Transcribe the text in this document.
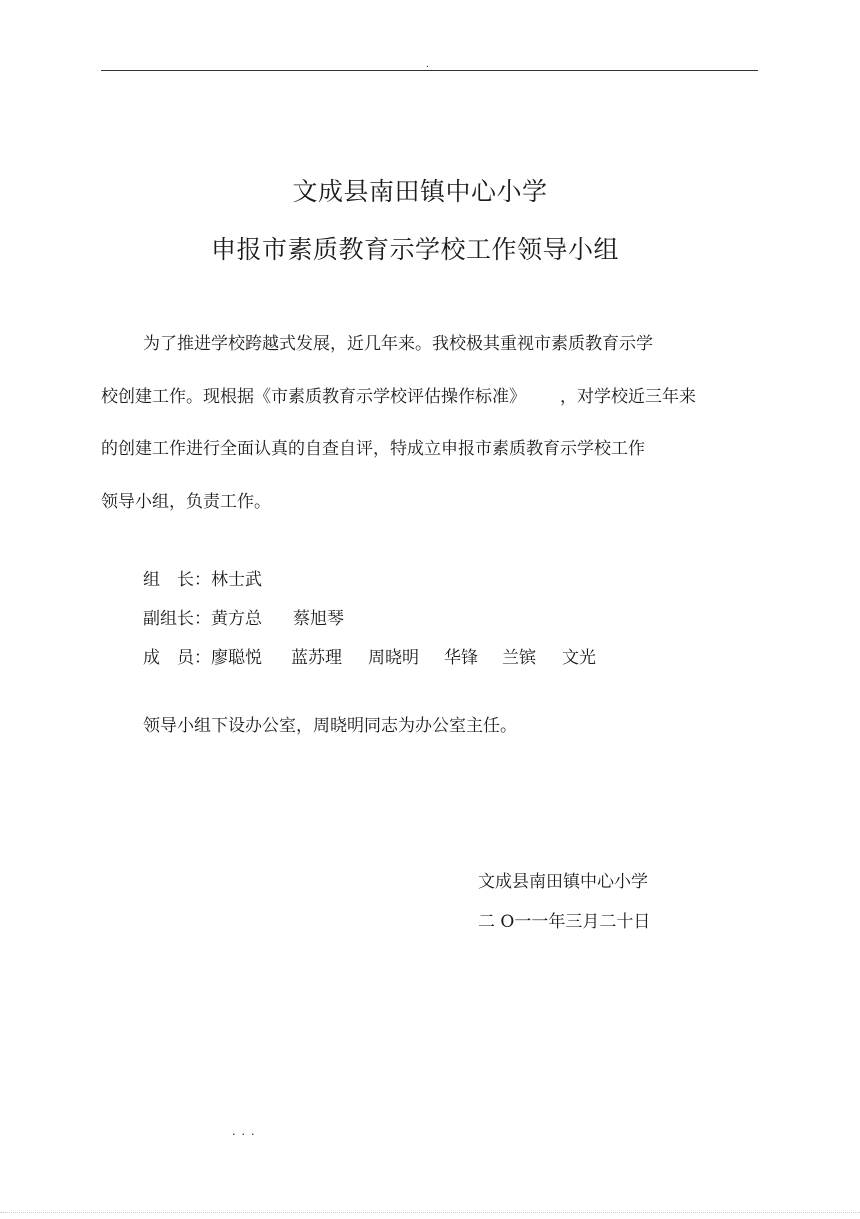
.
文成县南田镇中心小学
申报市素质教育示学校工作领导小组
为了推进学校跨越式发展，近几年来。我校极其重视市素质教育示学
校创建工作。现根据《市素质教育示学校评估操作标准》 ，对学校近三年来
的创建工作进行全面认真的自查自评，特成立申报市素质教育示学校工作
领导小组，负责工作。
组　长：林士武
副组长：黄方总 蔡旭琴
成　员：廖聪悦 蓝苏理 周晓明 华锋 兰镔 文光
领导小组下设办公室，周晓明同志为办公室主任。
文成县南田镇中心小学
二 O一一年三月二十日
...
